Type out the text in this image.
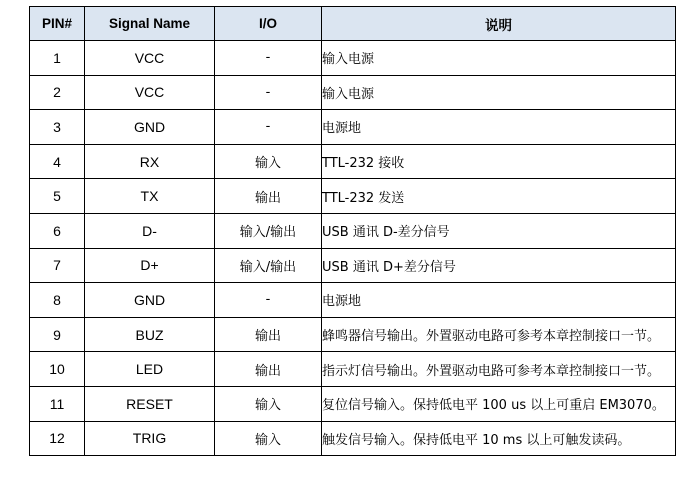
PIN#	Signal Name	I/O	说明
1	VCC	-	输入电源
2	VCC	-	输入电源
3	GND	-	电源地
4	RX	输入	TTL-232 接收
5	TX	输出	TTL-232 发送
6	D-	输入/输出	USB 通讯 D-差分信号
7	D+	输入/输出	USB 通讯 D+差分信号
8	GND	-	电源地
9	BUZ	输出	蜂鸣器信号输出。外置驱动电路可参考本章控制接口一节。
10	LED	输出	指示灯信号输出。外置驱动电路可参考本章控制接口一节。
11	RESET	输入	复位信号输入。保持低电平 100 us 以上可重启 EM3070。
12	TRIG	输入	触发信号输入。保持低电平 10 ms 以上可触发读码。
